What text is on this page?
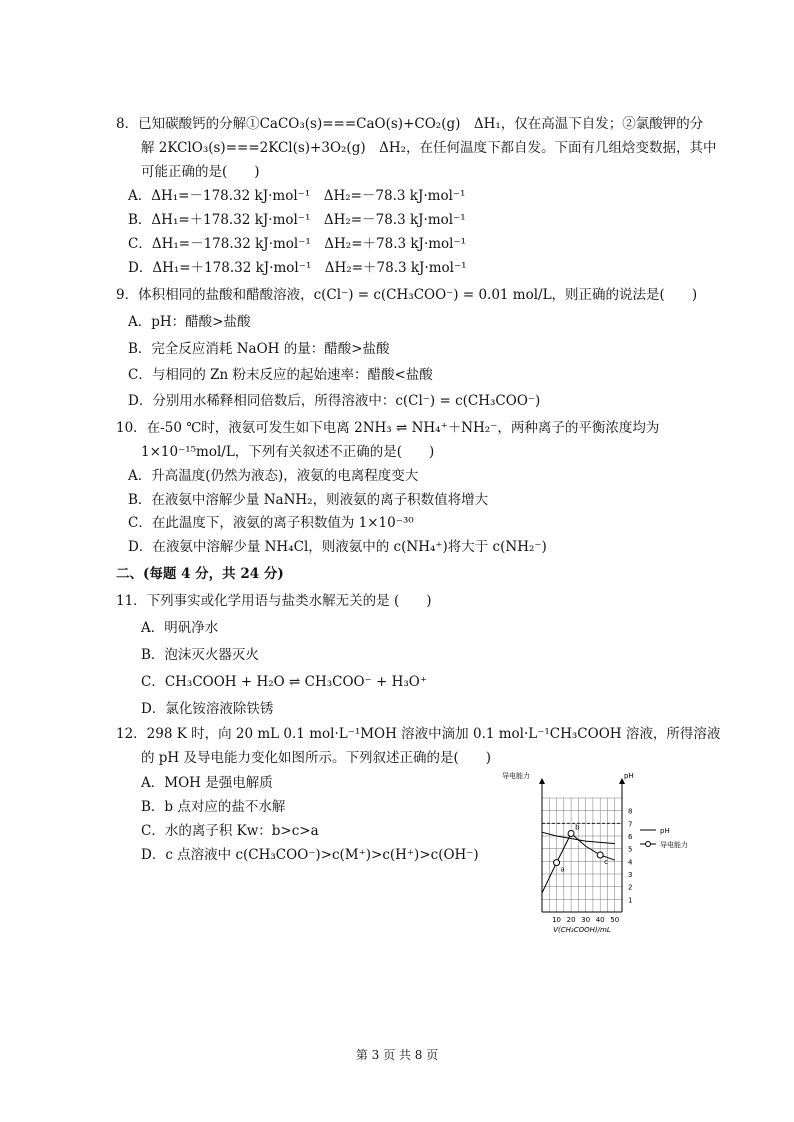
8．已知碳酸钙的分解①CaCO₃(s)===CaO(s)+CO₂(g)　ΔH₁，仅在高温下自发；②氯酸钾的分
解 2KClO₃(s)===2KCl(s)+3O₂(g)　ΔH₂，在任何温度下都自发。下面有几组焓变数据，其中
可能正确的是(　　)
A．ΔH₁=－178.32 kJ·mol⁻¹　ΔH₂=－78.3 kJ·mol⁻¹
B．ΔH₁=＋178.32 kJ·mol⁻¹　ΔH₂=－78.3 kJ·mol⁻¹
C．ΔH₁=－178.32 kJ·mol⁻¹　ΔH₂=＋78.3 kJ·mol⁻¹
D．ΔH₁=＋178.32 kJ·mol⁻¹　ΔH₂=＋78.3 kJ·mol⁻¹
9．体积相同的盐酸和醋酸溶液，c(Cl⁻) = c(CH₃COO⁻) = 0.01 mol/L，则正确的说法是(　　)
A．pH：醋酸>盐酸
B．完全反应消耗 NaOH 的量：醋酸>盐酸
C．与相同的 Zn 粉末反应的起始速率：醋酸<盐酸
D．分别用水稀释相同倍数后，所得溶液中：c(Cl⁻) = c(CH₃COO⁻)
10．在-50 ℃时，液氨可发生如下电离 2NH₃ ⇌ NH₄⁺＋NH₂⁻，两种离子的平衡浓度均为
1×10⁻¹⁵mol/L，下列有关叙述不正确的是(　　)
A．升高温度(仍然为液态)，液氨的电离程度变大
B．在液氨中溶解少量 NaNH₂，则液氨的离子积数值将增大
C．在此温度下，液氨的离子积数值为 1×10⁻³⁰
D．在液氨中溶解少量 NH₄Cl，则液氨中的 c(NH₄⁺)将大于 c(NH₂⁻)
二、(每题 4 分，共 24 分)
11．下列事实或化学用语与盐类水解无关的是 (　　)
A．明矾净水
B．泡沫灭火器灭火
C．CH₃COOH + H₂O ⇌ CH₃COO⁻ + H₃O⁺
D．氯化铵溶液除铁锈
12．298 K 时，向 20 mL 0.1 mol·L⁻¹MOH 溶液中滴加 0.1 mol·L⁻¹CH₃COOH 溶液，所得溶液
的 pH 及导电能力变化如图所示。下列叙述正确的是(　　)
A．MOH 是强电解质
B．b 点对应的盐不水解
C．水的离子积 Kw：b>c>a
D．c 点溶液中 c(CH₃COO⁻)>c(M⁺)>c(H⁺)>c(OH⁻)
1
2
3
4
5
6
7
8
10 20 30 40 50
导电能力	pH
V(CH₃COOH)/mL
a
b
c
pH
导电能力
第 3 页 共 8 页
